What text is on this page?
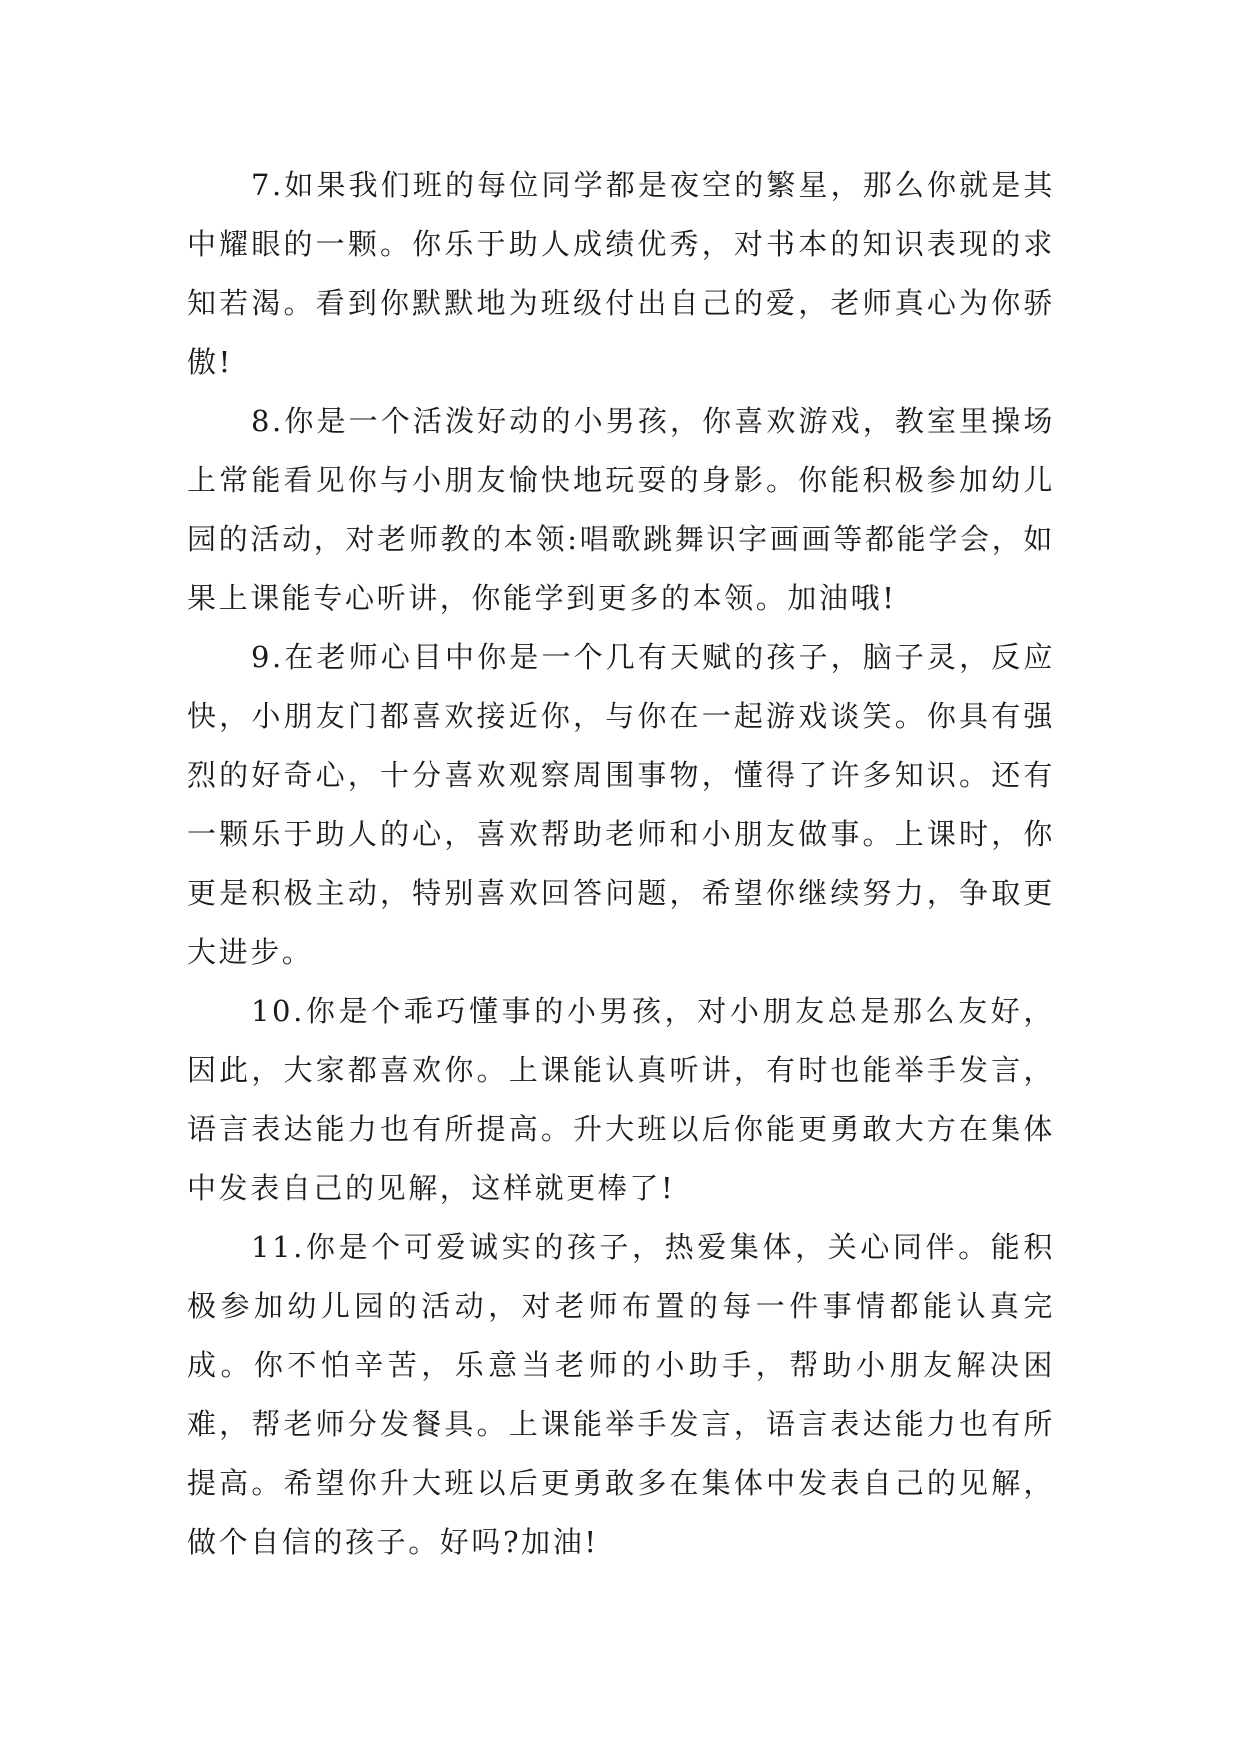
7.如果我们班的每位同学都是夜空的繁星，那么你就是其中耀眼的一颗。你乐于助人成绩优秀，对书本的知识表现的求知若渴。看到你默默地为班级付出自己的爱，老师真心为你骄傲!

8.你是一个活泼好动的小男孩，你喜欢游戏，教室里操场上常能看见你与小朋友愉快地玩耍的身影。你能积极参加幼儿园的活动，对老师教的本领:唱歌跳舞识字画画等都能学会，如果上课能专心听讲，你能学到更多的本领。加油哦!

9.在老师心目中你是一个几有天赋的孩子，脑子灵，反应快，小朋友门都喜欢接近你，与你在一起游戏谈笑。你具有强烈的好奇心，十分喜欢观察周围事物，懂得了许多知识。还有一颗乐于助人的心，喜欢帮助老师和小朋友做事。上课时，你更是积极主动，特别喜欢回答问题，希望你继续努力，争取更大进步。

10.你是个乖巧懂事的小男孩，对小朋友总是那么友好，因此，大家都喜欢你。上课能认真听讲，有时也能举手发言，语言表达能力也有所提高。升大班以后你能更勇敢大方在集体中发表自己的见解，这样就更棒了!

11.你是个可爱诚实的孩子，热爱集体，关心同伴。能积极参加幼儿园的活动，对老师布置的每一件事情都能认真完成。你不怕辛苦，乐意当老师的小助手，帮助小朋友解决困难，帮老师分发餐具。上课能举手发言，语言表达能力也有所提高。希望你升大班以后更勇敢多在集体中发表自己的见解，做个自信的孩子。好吗?加油!
